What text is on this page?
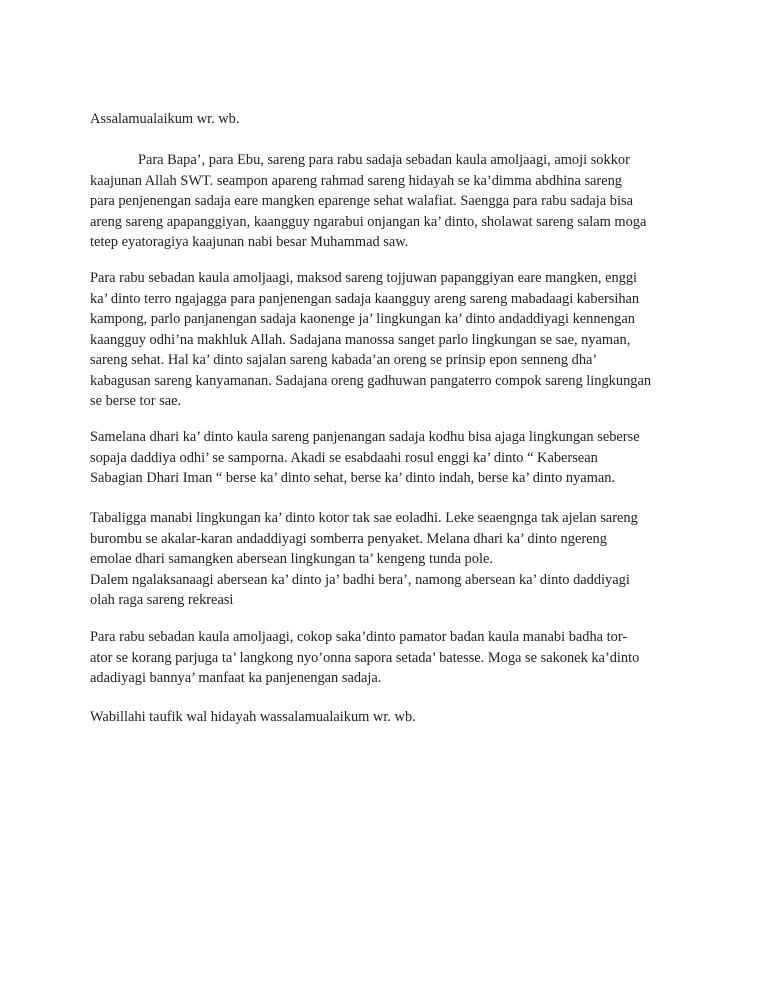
Assalamualaikum wr. wb.
Para Bapa’, para Ebu, sareng para rabu sadaja sebadan kaula amoljaagi, amoji sokkor
kaajunan Allah SWT. seampon apareng rahmad sareng hidayah se ka’dimma abdhina sareng
para penjenengan sadaja eare mangken eparenge sehat walafiat. Saengga para rabu sadaja bisa
areng sareng apapanggiyan, kaangguy ngarabui onjangan ka’ dinto, sholawat sareng salam moga
tetep eyatoragiya kaajunan nabi besar Muhammad saw.
Para rabu sebadan kaula amoljaagi, maksod sareng tojjuwan papanggiyan eare mangken, enggi
ka’ dinto terro ngajagga para panjenengan sadaja kaangguy areng sareng mabadaagi kabersihan
kampong, parlo panjanengan sadaja kaonenge ja’ lingkungan ka’ dinto andaddiyagi kennengan
kaangguy odhi’na makhluk Allah. Sadajana manossa sanget parlo lingkungan se sae, nyaman,
sareng sehat. Hal ka’ dinto sajalan sareng kabada’an oreng se prinsip epon senneng dha’
kabagusan sareng kanyamanan. Sadajana oreng gadhuwan pangaterro compok sareng lingkungan
se berse tor sae.
Samelana dhari ka’ dinto kaula sareng panjenangan sadaja kodhu bisa ajaga lingkungan seberse
sopaja daddiya odhi’ se samporna. Akadi se esabdaahi rosul enggi ka’ dinto “ Kabersean
Sabagian Dhari Iman “ berse ka’ dinto sehat, berse ka’ dinto indah, berse ka’ dinto nyaman.
Tabaligga manabi lingkungan ka’ dinto kotor tak sae eoladhi. Leke seaengnga tak ajelan sareng
burombu se akalar-karan andaddiyagi somberra penyaket. Melana dhari ka’ dinto ngereng
emolae dhari samangken abersean lingkungan ta’ kengeng tunda pole.
Dalem ngalaksanaagi abersean ka’ dinto ja’ badhi bera’, namong abersean ka’ dinto daddiyagi
olah raga sareng rekreasi
Para rabu sebadan kaula amoljaagi, cokop saka’dinto pamator badan kaula manabi badha tor-
ator se korang parjuga ta’ langkong nyo’onna sapora setada’ batesse. Moga se sakonek ka’dinto
adadiyagi bannya’ manfaat ka panjenengan sadaja.
Wabillahi taufik wal hidayah wassalamualaikum wr. wb.
